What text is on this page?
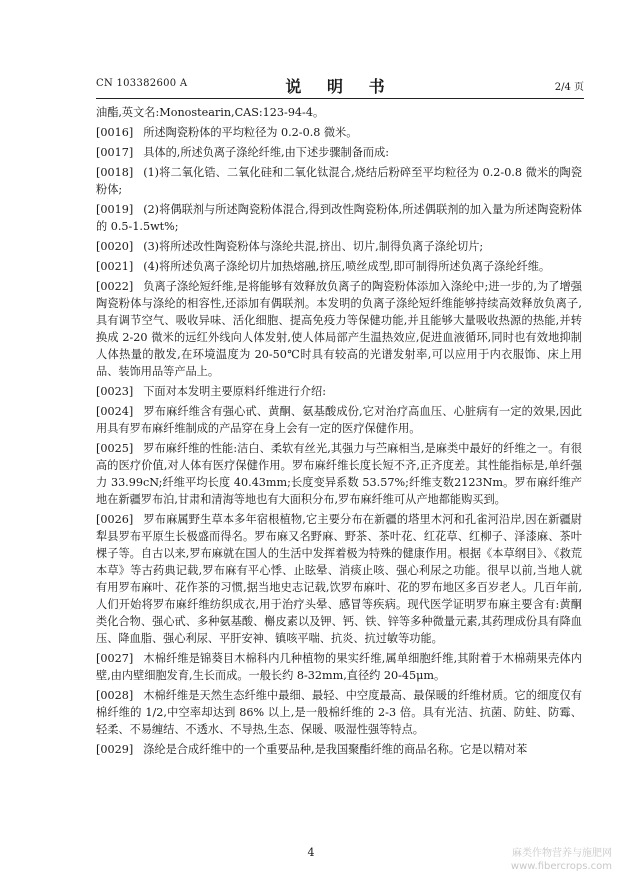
CN 103382600 A	说 明 书	2/4 页
油酯,英文名:Monostearin,CAS:123-94-4。
[0016] 所述陶瓷粉体的平均粒径为 0.2-0.8 微米。
[0017] 具体的,所述负离子涤纶纤维,由下述步骤制备而成:
[0018] (1)将二氧化锆、二氧化硅和二氧化钛混合,烧结后粉碎至平均粒径为 0.2-0.8 微米的陶瓷粉体;
[0019] (2)将偶联剂与所述陶瓷粉体混合,得到改性陶瓷粉体,所述偶联剂的加入量为所述陶瓷粉体的 0.5-1.5wt%;
[0020] (3)将所述改性陶瓷粉体与涤纶共混,挤出、切片,制得负离子涤纶切片;
[0021] (4)将所述负离子涤纶切片加热熔融,挤压,喷丝成型,即可制得所述负离子涤纶纤维。
[0022] 负离子涤纶短纤维,是将能够有效释放负离子的陶瓷粉体添加入涤纶中;进一步的,为了增强陶瓷粉体与涤纶的相容性,还添加有偶联剂。本发明的负离子涤纶短纤维能够持续高效释放负离子,具有调节空气、吸收异味、活化细胞、提高免疫力等保健功能,并且能够大量吸收热源的热能,并转换成 2-20 微米的远红外线向人体发射,使人体局部产生温热效应,促进血液循环,同时也有效地抑制人体热量的散发,在环境温度为 20-50℃时具有较高的光谱发射率,可以应用于内衣服饰、床上用品、装饰用品等产品上。
[0023] 下面对本发明主要原料纤维进行介绍:
[0024] 罗布麻纤维含有强心甙、黄酮、氨基酸成份,它对治疗高血压、心脏病有一定的效果,因此用具有罗布麻纤维制成的产品穿在身上会有一定的医疗保健作用。
[0025] 罗布麻纤维的性能:洁白、柔软有丝光,其强力与苎麻相当,是麻类中最好的纤维之一。有很高的医疗价值,对人体有医疗保健作用。罗布麻纤维长度长短不齐,正齐度差。其性能指标是,单纤强力 33.99cN;纤维平均长度 40.43mm;长度变异系数 53.57%;纤维支数2123Nm。罗布麻纤维产地在新疆罗布泊,甘肃和清海等地也有大面积分布,罗布麻纤维可从产地都能购买到。
[0026] 罗布麻属野生草本多年宿根植物,它主要分布在新疆的塔里木河和孔雀河沿岸,因在新疆尉犁县罗布平原生长极盛而得名。罗布麻又名野麻、野茶、茶叶花、红花草、红柳子、泽漆麻、茶叶棵子等。自古以来,罗布麻就在国人的生活中发挥着极为特殊的健康作用。根据《本草纲目》、《救荒本草》等古药典记载,罗布麻有平心悸、止眩晕、消痰止咳、强心利尿之功能。很早以前,当地人就有用罗布麻叶、花作茶的习惯,据当地史志记载,饮罗布麻叶、花的罗布地区多百岁老人。几百年前,人们开始将罗布麻纤维纺织成衣,用于治疗头晕、感冒等疾病。现代医学证明罗布麻主要含有:黄酮类化合物、强心甙、多种氨基酸、槲皮素以及钾、钙、铁、锌等多种微量元素,其药理成份具有降血压、降血脂、强心利尿、平肝安神、镇咳平喘、抗炎、抗过敏等功能。
[0027] 木棉纤维是锦葵目木棉科内几种植物的果实纤维,属单细胞纤维,其附着于木棉蒴果壳体内壁,由内壁细胞发育,生长而成。一般长约 8-32mm,直径约 20-45μm。
[0028] 木棉纤维是天然生态纤维中最细、最轻、中空度最高、最保暖的纤维材质。它的细度仅有棉纤维的 1/2,中空率却达到 86% 以上,是一般棉纤维的 2-3 倍。具有光洁、抗菌、防蛀、防霉、轻柔、不易缠结、不透水、不导热,生态、保暖、吸湿性强等特点。
[0029] 涤纶是合成纤维中的一个重要品种,是我国聚酯纤维的商品名称。它是以精对苯
4	麻类作物营养与施肥网
www.fibercrops.com
